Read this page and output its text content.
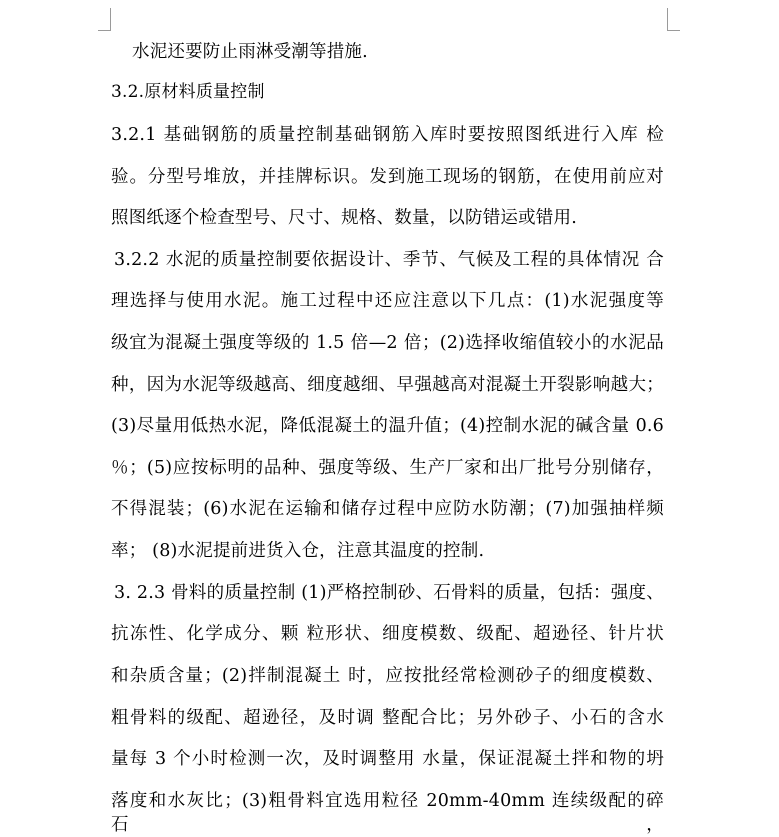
水泥还要防止雨淋受潮等措施.
3.2.原材料质量控制
3.2.1 基础钢筋的质量控制基础钢筋入库时要按照图纸进行入库 检
验。分型号堆放，并挂牌标识。发到施工现场的钢筋，在使用前应对
照图纸逐个检查型号、尺寸、规格、数量，以防错运或错用.
3.2.2 水泥的质量控制要依据设计、季节、气候及工程的具体情况 合
理选择与使用水泥。施工过程中还应注意以下几点：(1)水泥强度等
级宜为混凝土强度等级的 1.5 倍—2 倍；(2)选择收缩值较小的水泥品
种，因为水泥等级越高、细度越细、早强越高对混凝土开裂影响越大；
(3)尽量用低热水泥，降低混凝土的温升值；(4)控制水泥的碱含量 0.6
％；(5)应按标明的品种、强度等级、生产厂家和出厂批号分别储存，
不得混装；(6)水泥在运输和储存过程中应防水防潮；(7)加强抽样频
率； (8)水泥提前进货入仓，注意其温度的控制.
3. 2.3 骨料的质量控制 (1)严格控制砂、石骨料的质量，包括：强度、
抗冻性、化学成分、颗 粒形状、细度模数、级配、超逊径、针片状
和杂质含量；(2)拌制混凝土 时，应按批经常检测砂子的细度模数、
粗骨料的级配、超逊径，及时调 整配合比；另外砂子、小石的含水
量每 3 个小时检测一次，及时调整用 水量，保证混凝土拌和物的坍
落度和水灰比；(3)粗骨料宜选用粒径 20mm-40mm 连续级配的碎石，
